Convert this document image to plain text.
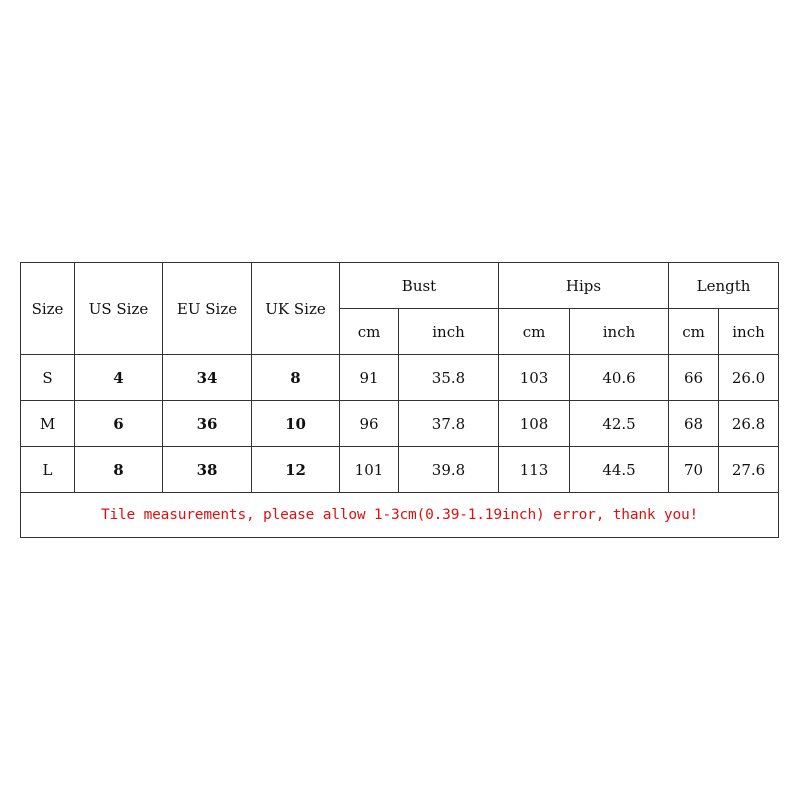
Size	US Size	EU Size	UK Size	Bust		Hips		Length	
				cm	inch	cm	inch	cm	inch
S	4	34	8	91	35.8	103	40.6	66	26.0
M	6	36	10	96	37.8	108	42.5	68	26.8
L	8	38	12	101	39.8	113	44.5	70	27.6
Tile measurements, please allow 1-3cm(0.39-1.19inch) error, thank you!									
